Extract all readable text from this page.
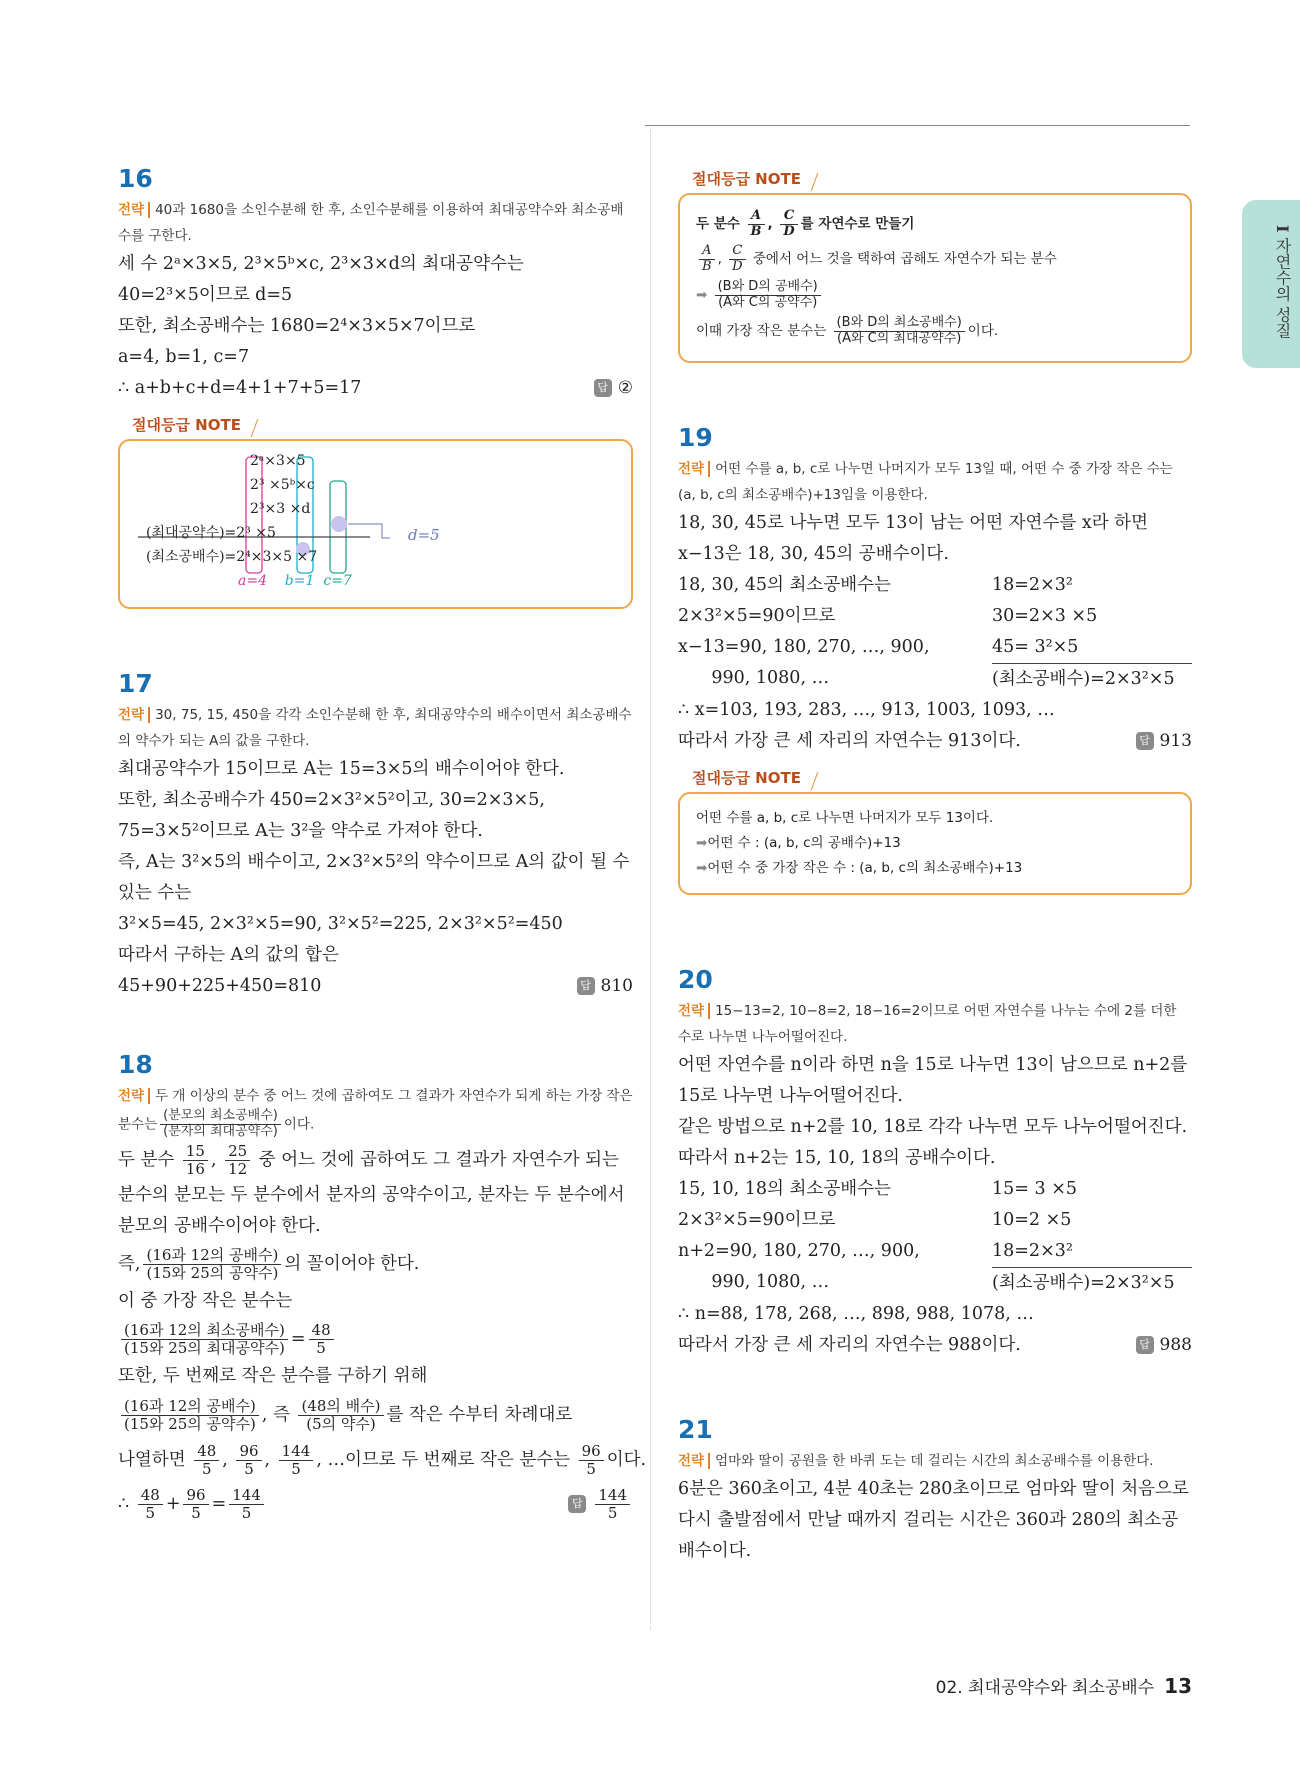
16
전략 40과 1680을 소인수분해 한 후, 소인수분해를 이용하여 최대공약수와 최소공배수를 구한다.
세 수 2ᵃ×3×5, 2³×5ᵇ×c, 2³×3×d의 최대공약수는
40=2³×5이므로 d=5
또한, 최소공배수는 1680=2⁴×3×5×7이므로
a=4, b=1, c=7
∴ a+b+c+d=4+1+7+5=17	답 ②
절대등급 NOTE
2ᵃ×3×5
2³ ×5ᵇ×c
2³×3 ×d
(최대공약수)=2³ ×5
(최소공배수)=2⁴×3×5 ×7
a=4 b=1 c=7
d=5
17
전략 30, 75, 15, 450을 각각 소인수분해 한 후, 최대공약수의 배수이면서 최소공배수의 약수가 되는 A의 값을 구한다.
최대공약수가 15이므로 A는 15=3×5의 배수이어야 한다.
또한, 최소공배수가 450=2×3²×5²이고, 30=2×3×5,
75=3×5²이므로 A는 3²을 약수로 가져야 한다.
즉, A는 3²×5의 배수이고, 2×3²×5²의 약수이므로 A의 값이 될 수 있는 수는
3²×5=45, 2×3²×5=90, 3²×5²=225, 2×3²×5²=450
따라서 구하는 A의 값의 합은
45+90+225+450=810	답 810
18
전략 두 개 이상의 분수 중 어느 것에 곱하여도 그 결과가 자연수가 되게 하는 가장 작은 분수는 $\frac{\text{(분모의 최소공배수)}}{\text{(분자의 최대공약수)}}$ 이다.
두 분수 $\frac{15}{16}$ , $\frac{25}{12}$ 중 어느 것에 곱하여도 그 결과가 자연수가 되는
분수의 분모는 두 분수에서 분자의 공약수이고, 분자는 두 분수에서 분모의 공배수이어야 한다.
즉, $\frac{\text{(16과 12의 공배수)}}{\text{(15와 25의 공약수)}}$ 의 꼴이어야 한다.
이 중 가장 작은 분수는
$\frac{\text{(16과 12의 최소공배수)}}{\text{(15와 25의 최대공약수)}} = \frac{48}{5}$
또한, 두 번째로 작은 분수를 구하기 위해
$\frac{\text{(16과 12의 공배수)}}{\text{(15와 25의 공약수)}}$ , 즉 $\frac{\text{(48의 배수)}}{\text{(5의 약수)}}$ 를 작은 수부터 차례대로
나열하면 $\frac{48}{5}$ , $\frac{96}{5}$ , $\frac{144}{5}$ , …이므로 두 번째로 작은 분수는 $\frac{96}{5}$ 이다.
∴ $\frac{48}{5} + \frac{96}{5} = \frac{144}{5}$	답 $\frac{144}{5}$
절대등급 NOTE
두 분수 $\frac{A}{B}$ , $\frac{C}{D}$ 를 자연수로 만들기
$\frac{A}{B}$ , $\frac{C}{D}$ 중에서 어느 것을 택하여 곱해도 자연수가 되는 분수
➡ $\frac{\text{(B와 D의 공배수)}}{\text{(A와 C의 공약수)}}$
이때 가장 작은 분수는 $\frac{\text{(B와 D의 최소공배수)}}{\text{(A와 C의 최대공약수)}}$ 이다.
19
전략 어떤 수를 a, b, c로 나누면 나머지가 모두 13일 때, 어떤 수 중 가장 작은 수는 (a, b, c의 최소공배수)+13임을 이용한다.
18, 30, 45로 나누면 모두 13이 남는 어떤 자연수를 x라 하면
x−13은 18, 30, 45의 공배수이다.
18, 30, 45의 최소공배수는	18=2×3²
2×3²×5=90이므로	30=2×3 ×5
x−13=90, 180, 270, …, 900,	45= 3²×5
990, 1080, …	(최소공배수)=2×3²×5
∴ x=103, 193, 283, …, 913, 1003, 1093, …
따라서 가장 큰 세 자리의 자연수는 913이다.	답 913
절대등급 NOTE
어떤 수를 a, b, c로 나누면 나머지가 모두 13이다.
➡어떤 수 : (a, b, c의 공배수)+13
➡어떤 수 중 가장 작은 수 : (a, b, c의 최소공배수)+13
20
전략 15−13=2, 10−8=2, 18−16=2이므로 어떤 자연수를 나누는 수에 2를 더한 수로 나누면 나누어떨어진다.
어떤 자연수를 n이라 하면 n을 15로 나누면 13이 남으므로 n+2를 15로 나누면 나누어떨어진다.
같은 방법으로 n+2를 10, 18로 각각 나누면 모두 나누어떨어진다.
따라서 n+2는 15, 10, 18의 공배수이다.
15, 10, 18의 최소공배수는	15= 3 ×5
2×3²×5=90이므로	10=2 ×5
n+2=90, 180, 270, …, 900,	18=2×3²
990, 1080, …	(최소공배수)=2×3²×5
∴ n=88, 178, 268, …, 898, 988, 1078, …
따라서 가장 큰 세 자리의 자연수는 988이다.	답 988
21
전략 엄마와 딸이 공원을 한 바퀴 도는 데 걸리는 시간의 최소공배수를 이용한다.
6분은 360초이고, 4분 40초는 280초이므로 엄마와 딸이 처음으로 다시 출발점에서 만날 때까지 걸리는 시간은 360과 280의 최소공배수이다.
I 자연수의 성질
02. 최대공약수와 최소공배수 13
